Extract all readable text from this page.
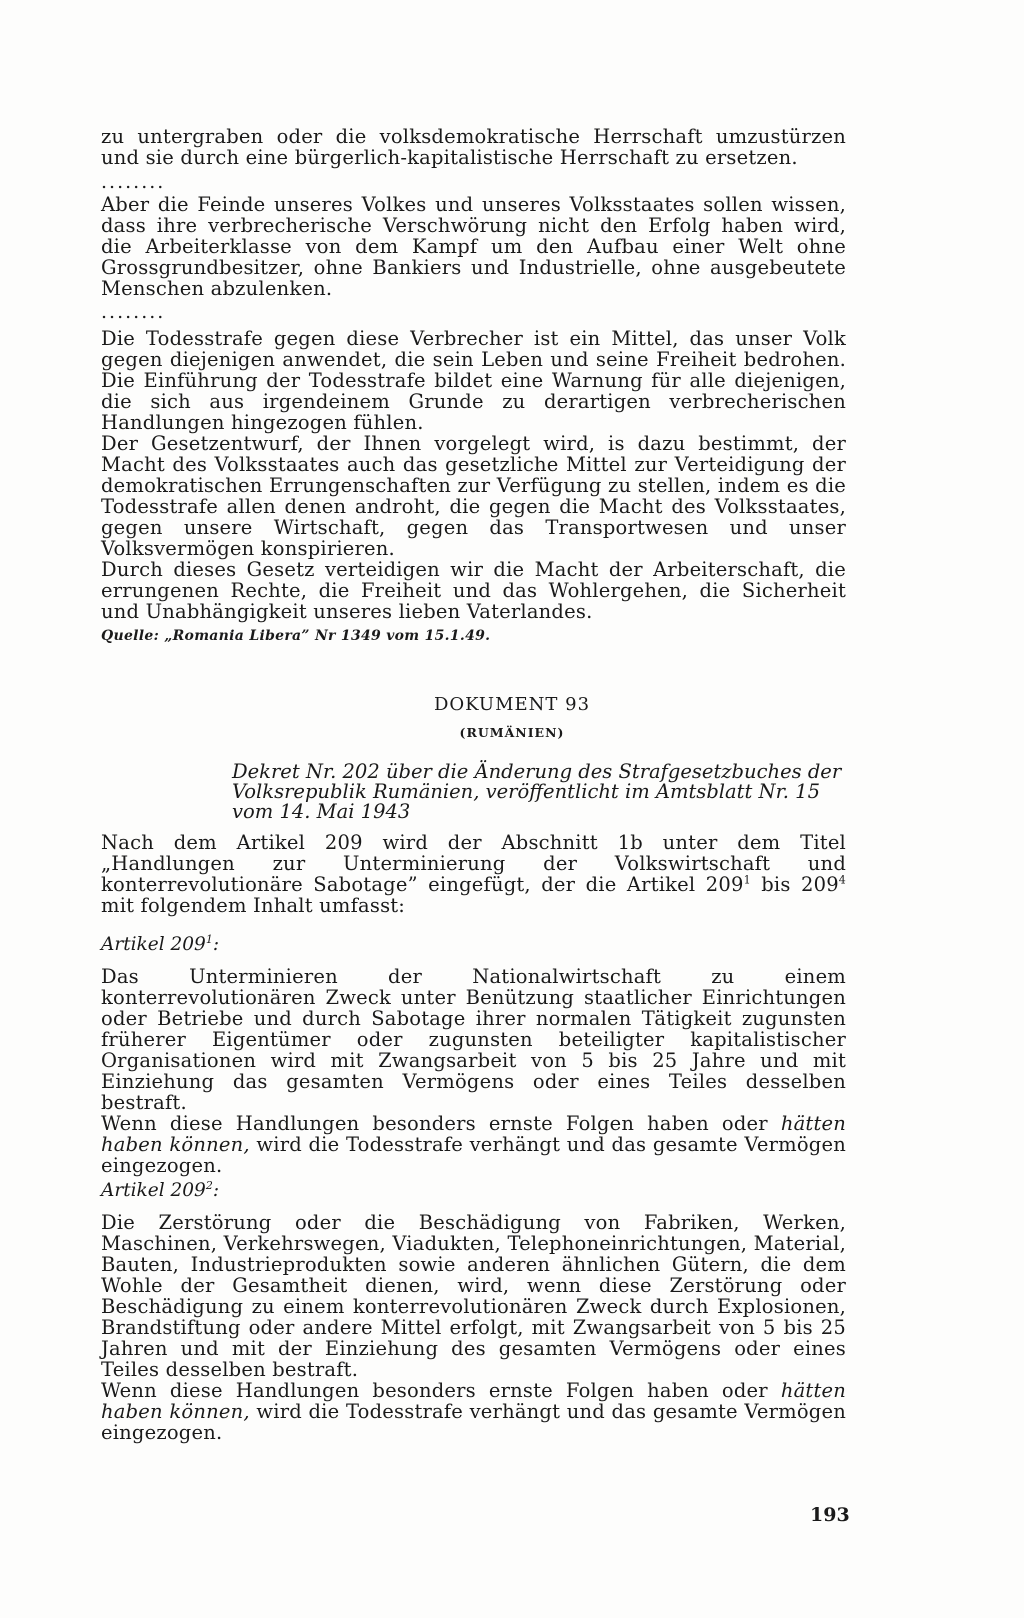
zu untergraben oder die volksdemokratische Herrschaft umzustürzen

und sie durch eine bürgerlich-kapitalistische Herrschaft zu ersetzen.

........

Aber die Feinde unseres Volkes und unseres Volksstaates sollen wissen, dass ihre verbrecherische Verschwörung nicht den Erfolg haben wird, die Arbeiterklasse von dem Kampf um den Aufbau einer Welt ohne Grossgrundbesitzer, ohne Bankiers und Industrielle, ohne ausgebeutete Menschen abzulenken.

........

Die Todesstrafe gegen diese Verbrecher ist ein Mittel, das unser Volk gegen diejenigen anwendet, die sein Leben und seine Freiheit bedrohen. Die Einführung der Todesstrafe bildet eine Warnung für alle diejenigen, die sich aus irgendeinem Grunde zu derartigen verbrecherischen Handlungen hingezogen fühlen.

Der Gesetzentwurf, der Ihnen vorgelegt wird, is dazu bestimmt, der Macht des Volksstaates auch das gesetzliche Mittel zur Verteidigung der demokratischen Errungenschaften zur Verfügung zu stellen, indem es die Todesstrafe allen denen androht, die gegen die Macht des Volksstaates, gegen unsere Wirtschaft, gegen das Transportwesen und unser Volksvermögen konspirieren.

Durch dieses Gesetz verteidigen wir die Macht der Arbeiterschaft, die errungenen Rechte, die Freiheit und das Wohlergehen, die Sicherheit und Unabhängigkeit unseres lieben Vaterlandes.

Quelle: „Romania Libera” Nr 1349 vom 15.1.49.
DOKUMENT 93
(RUMÄNIEN)
Dekret Nr. 202 über die Änderung des Strafgesetzbuches der Volksrepublik Rumänien, veröffentlicht im Amtsblatt Nr. 15 vom 14. Mai 1943

Nach dem Artikel 209 wird der Abschnitt 1b unter dem Titel „Handlungen zur Unterminierung der Volkswirtschaft und konterrevolutionäre Sabotage” eingefügt, der die Artikel $209^1$ bis $209^4$ mit folgendem Inhalt umfasst:

Artikel $209^1$:

Das Unterminieren der Nationalwirtschaft zu einem konterrevolutionären Zweck unter Benützung staatlicher Einrichtungen oder Betriebe und durch Sabotage ihrer normalen Tätigkeit zugunsten früherer Eigentümer oder zugunsten beteiligter kapitalistischer Organisationen wird mit Zwangsarbeit von 5 bis 25 Jahre und mit Einziehung das gesamten Vermögens oder eines Teiles desselben bestraft.

Wenn diese Handlungen besonders ernste Folgen haben oder hätten haben können, wird die Todesstrafe verhängt und das gesamte Vermögen eingezogen.

Artikel $209^2$:

Die Zerstörung oder die Beschädigung von Fabriken, Werken, Maschinen, Verkehrswegen, Viadukten, Telephoneinrichtungen, Material, Bauten, Industrieprodukten sowie anderen ähnlichen Gütern, die dem Wohle der Gesamtheit dienen, wird, wenn diese Zerstörung oder Beschädigung zu einem konterrevolutionären Zweck durch Explosionen, Brandstiftung oder andere Mittel erfolgt, mit Zwangsarbeit von 5 bis 25 Jahren und mit der Einziehung des gesamten Vermögens oder eines Teiles desselben bestraft.

Wenn diese Handlungen besonders ernste Folgen haben oder hätten haben können, wird die Todesstrafe verhängt und das gesamte Vermögen eingezogen.

193
